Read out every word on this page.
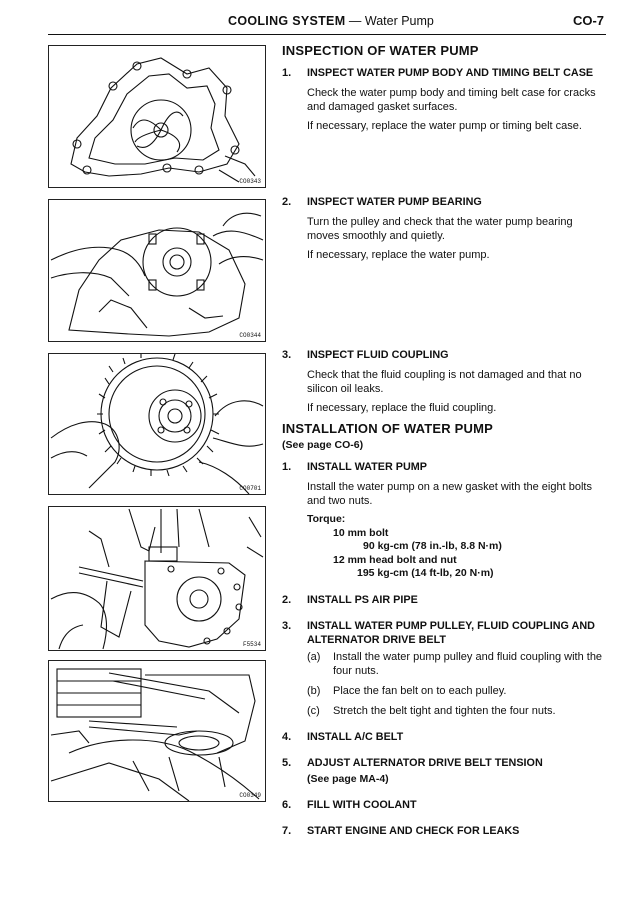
COOLING SYSTEM — Water Pump	CO-7
CO0343
CO0344
CO0701
F5534
CO0349
INSPECTION OF WATER PUMP
1. INSPECT WATER PUMP BODY AND TIMING BELT CASE
Check the water pump body and timing belt case for cracks and damaged gasket surfaces.
If necessary, replace the water pump or timing belt case.
2. INSPECT WATER PUMP BEARING
Turn the pulley and check that the water pump bearing moves smoothly and quietly.
If necessary, replace the water pump.
3. INSPECT FLUID COUPLING
Check that the fluid coupling is not damaged and that no silicon oil leaks.
If necessary, replace the fluid coupling.
INSTALLATION OF WATER PUMP
(See page CO-6)
1. INSTALL WATER PUMP
Install the water pump on a new gasket with the eight bolts and two nuts.
Torque:
10 mm bolt
90 kg-cm (78 in.-lb, 8.8 N·m)
12 mm head bolt and nut
195 kg-cm (14 ft-lb, 20 N·m)
2. INSTALL PS AIR PIPE
3. INSTALL WATER PUMP PULLEY, FLUID COUPLING AND ALTERNATOR DRIVE BELT
(a) Install the water pump pulley and fluid coupling with the four nuts.
(b) Place the fan belt on to each pulley.
(c) Stretch the belt tight and tighten the four nuts.
4. INSTALL A/C BELT
5. ADJUST ALTERNATOR DRIVE BELT TENSION
(See page MA-4)
6. FILL WITH COOLANT
7. START ENGINE AND CHECK FOR LEAKS
